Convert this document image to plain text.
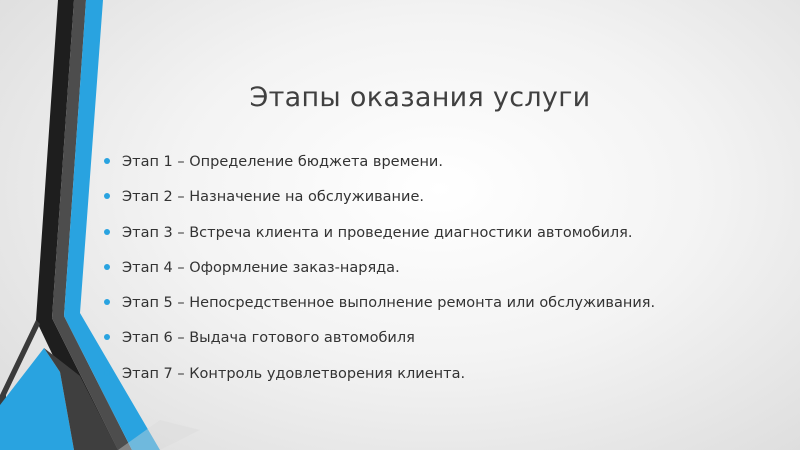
Этапы оказания услуги
Этап 1 – Определение бюджета времени.
Этап 2 – Назначение на обслуживание.
Этап 3 – Встреча клиента и проведение диагностики автомобиля.
Этап 4 – Оформление заказ-наряда.
Этап 5 – Непосредственное выполнение ремонта или обслуживания.
Этап 6 – Выдача готового автомобиля
Этап 7 – Контроль удовлетворения клиента.
